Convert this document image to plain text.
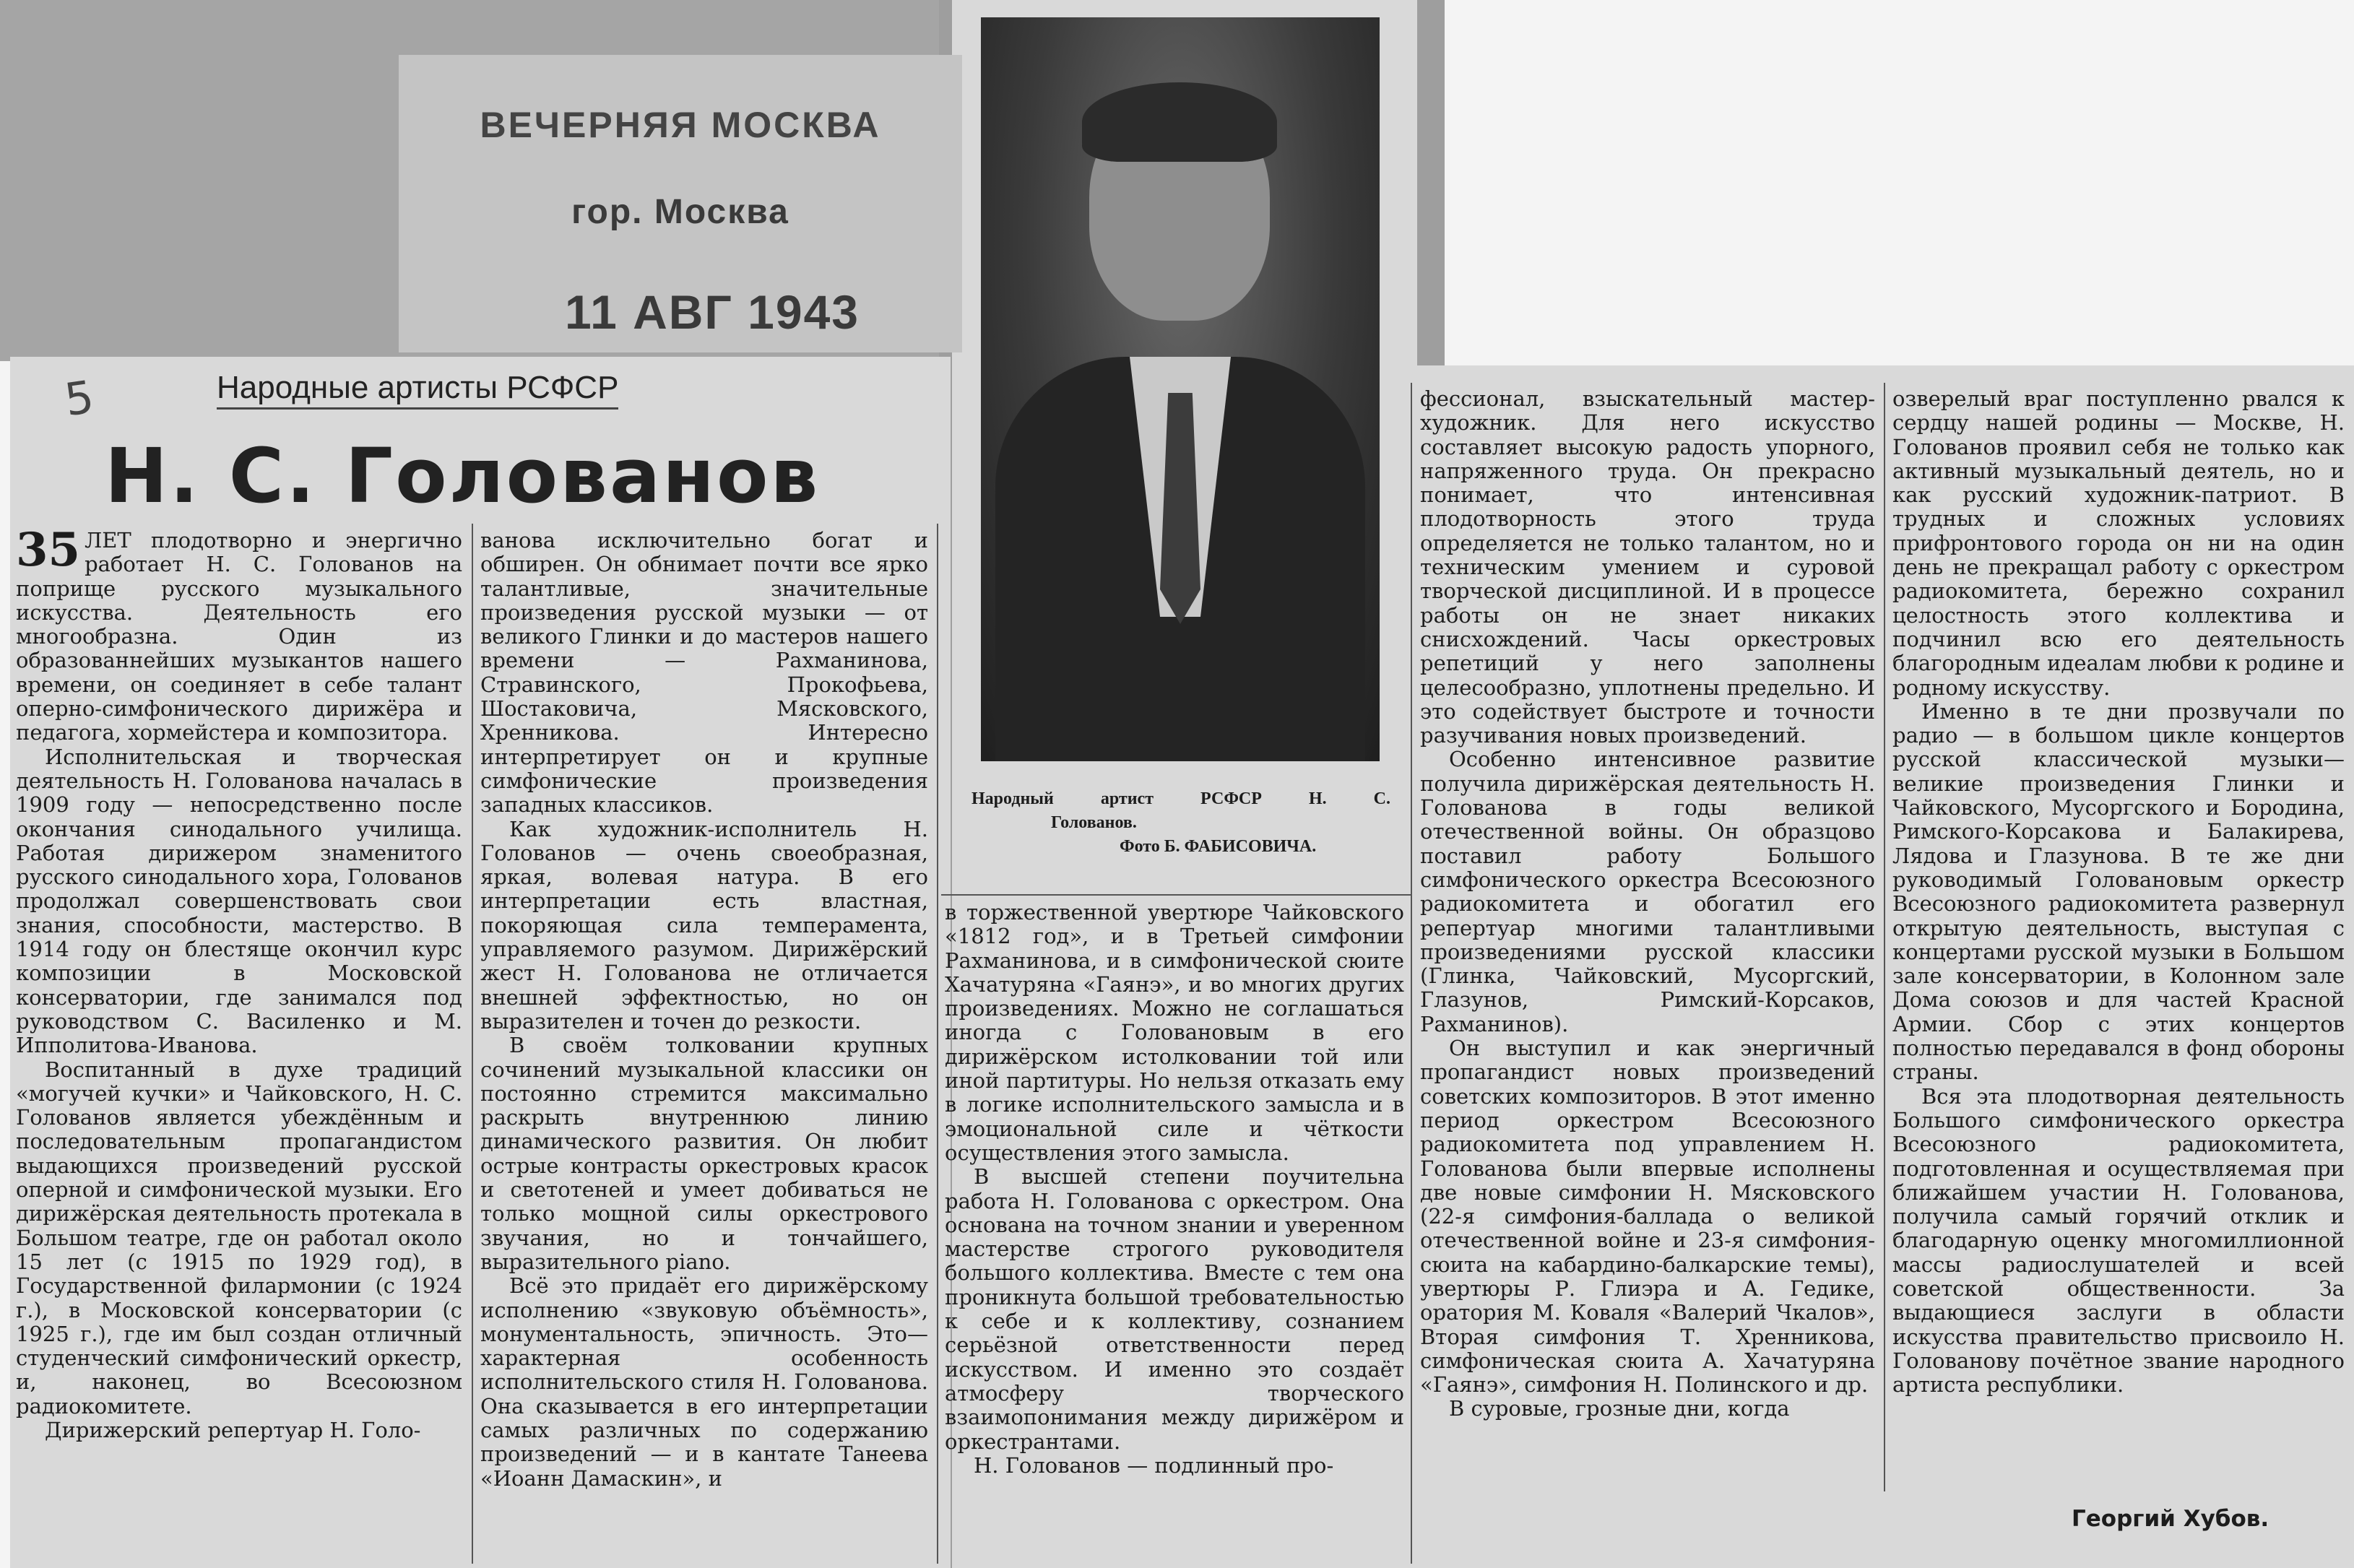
ВЕЧЕРНЯЯ МОСКВА
гор. Москва
11 АВГ 1943
Народный артист РСФСР Н. С.
Голованов.
Фото Б. ФАБИСОВИЧА.
5	Народные артисты РСФСР
Н. С. Голованов

35 ЛЕТ плодотворно и энергично работает Н. С. Голованов на поприще русского музыкального искусства. Деятельность его многообразна. Один из образованнейших музыкантов нашего времени, он соединяет в себе талант оперно-симфонического дирижёра и педагога, хормейстера и композитора.

Исполнительская и творческая деятельность Н. Голованова началась в 1909 году — непосредственно после окончания синодального училища. Работая дирижером знаменитого русского синодального хора, Голованов продолжал совершенствовать свои знания, способности, мастерство. В 1914 году он блестяще окончил курс композиции в Московской консерватории, где занимался под руководством С. Василенко и М. Ипполитова-Иванова.

Воспитанный в духе традиций «могучей кучки» и Чайковского, Н. С. Голованов является убеждённым и последовательным пропагандистом выдающихся произведений русской оперной и симфонической музыки. Его дирижёрская деятельность протекала в Большом театре, где он работал около 15 лет (с 1915 по 1929 год), в Государственной филармонии (с 1924 г.), в Московской консерватории (с 1925 г.), где им был создан отличный студенческий симфонический оркестр, и, наконец, во Всесоюзном радиокомитете.

Дирижерский репертуар Н. Голо-

ванова исключительно богат и обширен. Он обнимает почти все ярко талантливые, значительные произведения русской музыки — от великого Глинки и до мастеров нашего времени — Рахманинова, Стравинского, Прокофьева, Шостаковича, Мясковского, Хренникова. Интересно интерпретирует он и крупные симфонические произведения западных классиков.

Как художник-исполнитель Н. Голованов — очень своеобразная, яркая, волевая натура. В его интерпретации есть властная, покоряющая сила темперамента, управляемого разумом. Дирижёрский жест Н. Голованова не отличается внешней эффектностью, но он выразителен и точен до резкости.

В своём толковании крупных сочинений музыкальной классики он постоянно стремится максимально раскрыть внутреннюю линию динамического развития. Он любит острые контрасты оркестровых красок и светотеней и умеет добиваться не только мощной силы оркестрового звучания, но и тончайшего, выразительного piano.

Всё это придаёт его дирижёрскому исполнению «звуковую объёмность», монументальность, эпичность. Это—характерная особенность исполнительского стиля Н. Голованова. Она сказывается в его интерпретации самых различных по содержанию произведений — и в кантате Танеева «Иоанн Дамаскин», и

в торжественной увертюре Чайковского «1812 год», и в Третьей симфонии Рахманинова, и в симфонической сюите Хачатуряна «Гаянэ», и во многих других произведениях. Можно не соглашаться иногда с Головановым в его дирижёрском истолковании той или иной партитуры. Но нельзя отказать ему в логике исполнительского замысла и в эмоциональной силе и чёткости осуществления этого замысла.

В высшей степени поучительна работа Н. Голованова с оркестром. Она основана на точном знании и уверенном мастерстве строгого руководителя большого коллектива. Вместе с тем она проникнута большой требовательностью к себе и к коллективу, сознанием серьёзной ответственности перед искусством. И именно это создаёт атмосферу творческого взаимопонимания между дирижёром и оркестрантами.

Н. Голованов — подлинный про-

фессионал, взыскательный мастер-художник. Для него искусство составляет высокую радость упорного, напряженного труда. Он прекрасно понимает, что интенсивная плодотворность этого труда определяется не только талантом, но и техническим умением и суровой творческой дисциплиной. И в процессе работы он не знает никаких снисхождений. Часы оркестровых репетиций у него заполнены целесообразно, уплотнены предельно. И это содействует быстроте и точности разучивания новых произведений.

Особенно интенсивное развитие получила дирижёрская деятельность Н. Голованова в годы великой отечественной войны. Он образцово поставил работу Большого симфонического оркестра Всесоюзного радиокомитета и обогатил его репертуар многими талантливыми произведениями русской классики (Глинка, Чайковский, Мусоргский, Глазунов, Римский-Корсаков, Рахманинов).

Он выступил и как энергичный пропагандист новых произведений советских композиторов. В этот именно период оркестром Всесоюзного радиокомитета под управлением Н. Голованова были впервые исполнены две новые симфонии Н. Мясковского (22-я симфония-баллада о великой отечественной войне и 23-я симфония-сюита на кабардино-балкарские темы), увертюры Р. Глиэра и А. Гедике, оратория М. Коваля «Валерий Чкалов», Вторая симфония Т. Хренникова, симфоническая сюита А. Хачатуряна «Гаянэ», симфония Н. Полинского и др.

В суровые, грозные дни, когда

озверелый враг поступленно рвался к сердцу нашей родины — Москве, Н. Голованов проявил себя не только как активный музыкальный деятель, но и как русский художник-патриот. В трудных и сложных условиях прифронтового города он ни на один день не прекращал работу с оркестром радиокомитета, бережно сохранил целостность этого коллектива и подчинил всю его деятельность благородным идеалам любви к родине и родному искусству.

Именно в те дни прозвучали по радио — в большом цикле концертов русской классической музыки— великие произведения Глинки и Чайковского, Мусоргского и Бородина, Римского-Корсакова и Балакирева, Лядова и Глазунова. В те же дни руководимый Головановым оркестр Всесоюзного радиокомитета развернул открытую деятельность, выступая с концертами русской музыки в Большом зале консерватории, в Колонном зале Дома союзов и для частей Красной Армии. Сбор с этих концертов полностью передавался в фонд обороны страны.

Вся эта плодотворная деятельность Большого симфонического оркестра Всесоюзного радиокомитета, подготовленная и осуществляемая при ближайшем участии Н. Голованова, получила самый горячий отклик и благодарную оценку многомиллионной массы радиослушателей и всей советской общественности. За выдающиеся заслуги в области искусства правительство присвоило Н. Голованову почётное звание народного артиста республики.

Георгий Хубов.
